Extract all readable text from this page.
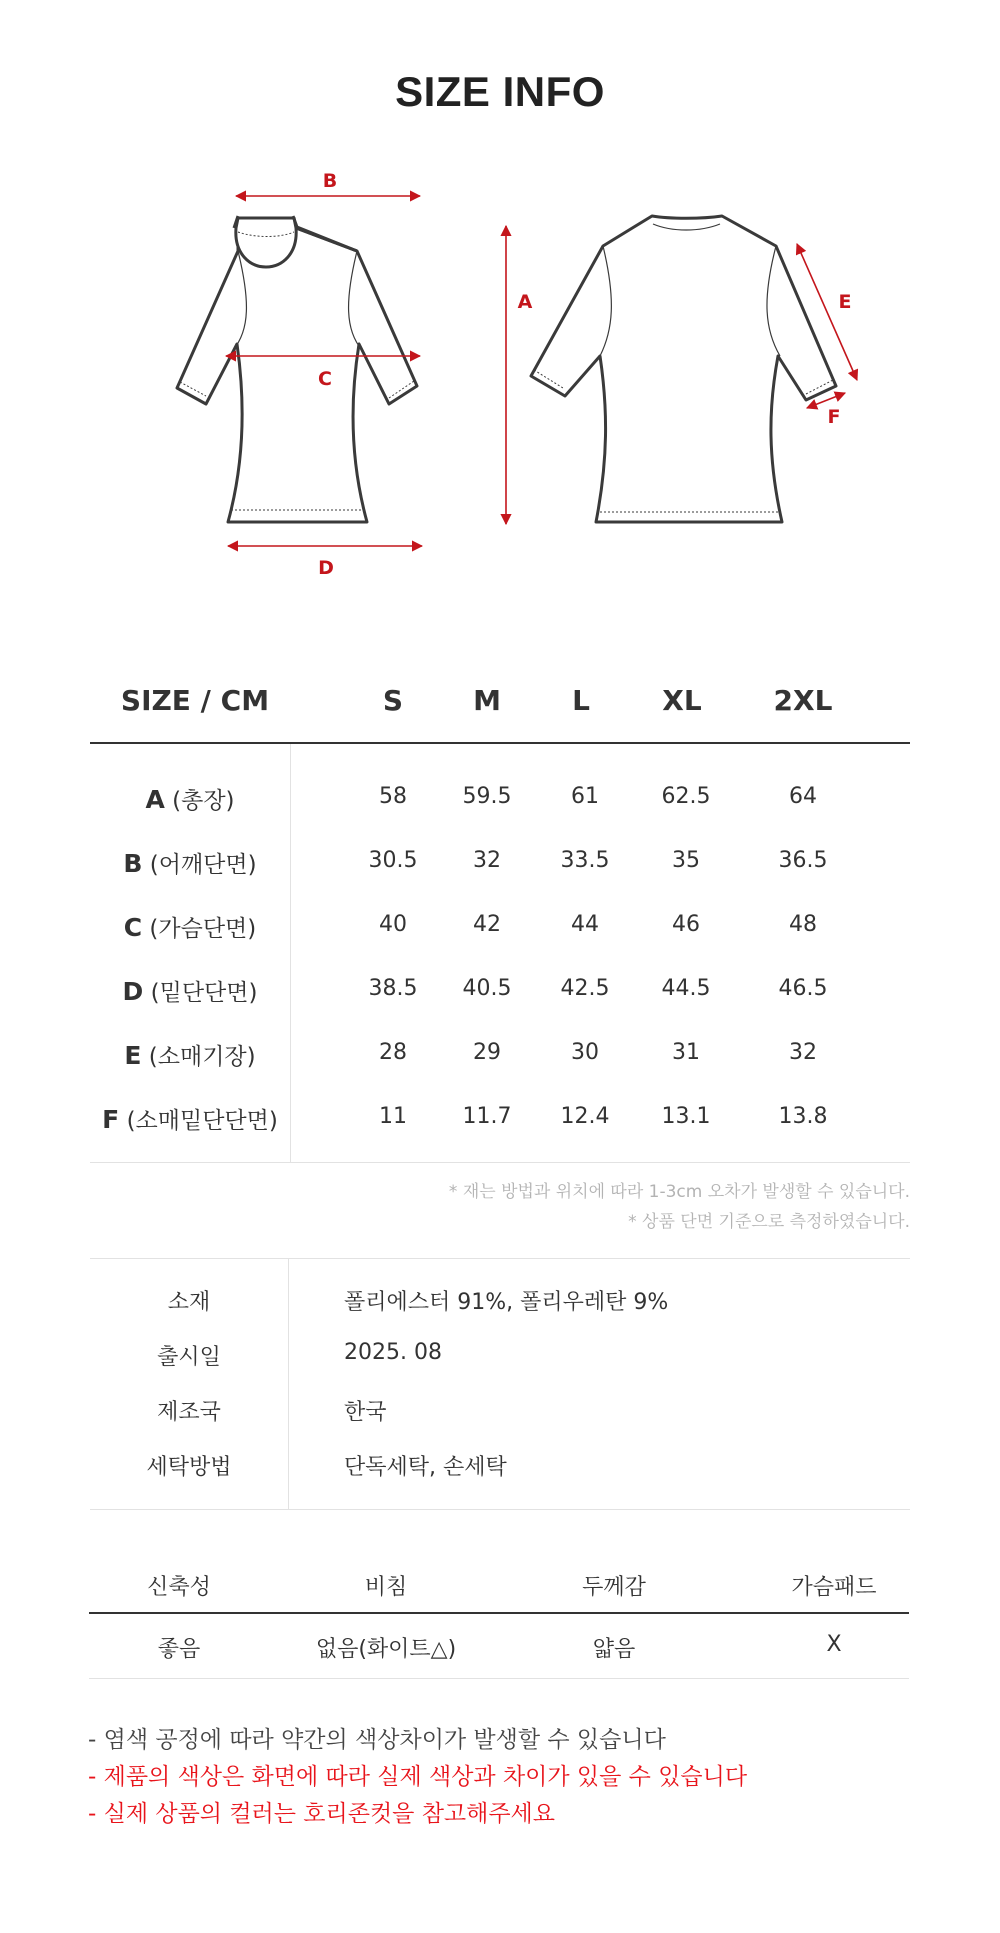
SIZE INFO
B
C
D
A	E
F
SIZE / CM	S	M	L	XL	2XL
A (총장)	58	59.5	61	62.5	64
B (어깨단면)	30.5	32	33.5	35	36.5
C (가슴단면)	40	42	44	46	48
D (밑단단면)	38.5	40.5	42.5	44.5	46.5
E (소매기장)	28	29	30	31	32
F (소매밑단단면)	11	11.7	12.4	13.1	13.8
* 재는 방법과 위치에 따라 1-3cm 오차가 발생할 수 있습니다.
* 상품 단면 기준으로 측정하였습니다.
소재	폴리에스터 91%, 폴리우레탄 9%
출시일	2025. 08
제조국	한국
세탁방법	단독세탁, 손세탁
신축성	비침	두께감	가슴패드
좋음	없음(화이트△)	얇음	X
- 염색 공정에 따라 약간의 색상차이가 발생할 수 있습니다
- 제품의 색상은 화면에 따라 실제 색상과 차이가 있을 수 있습니다
- 실제 상품의 컬러는 호리존컷을 참고해주세요
